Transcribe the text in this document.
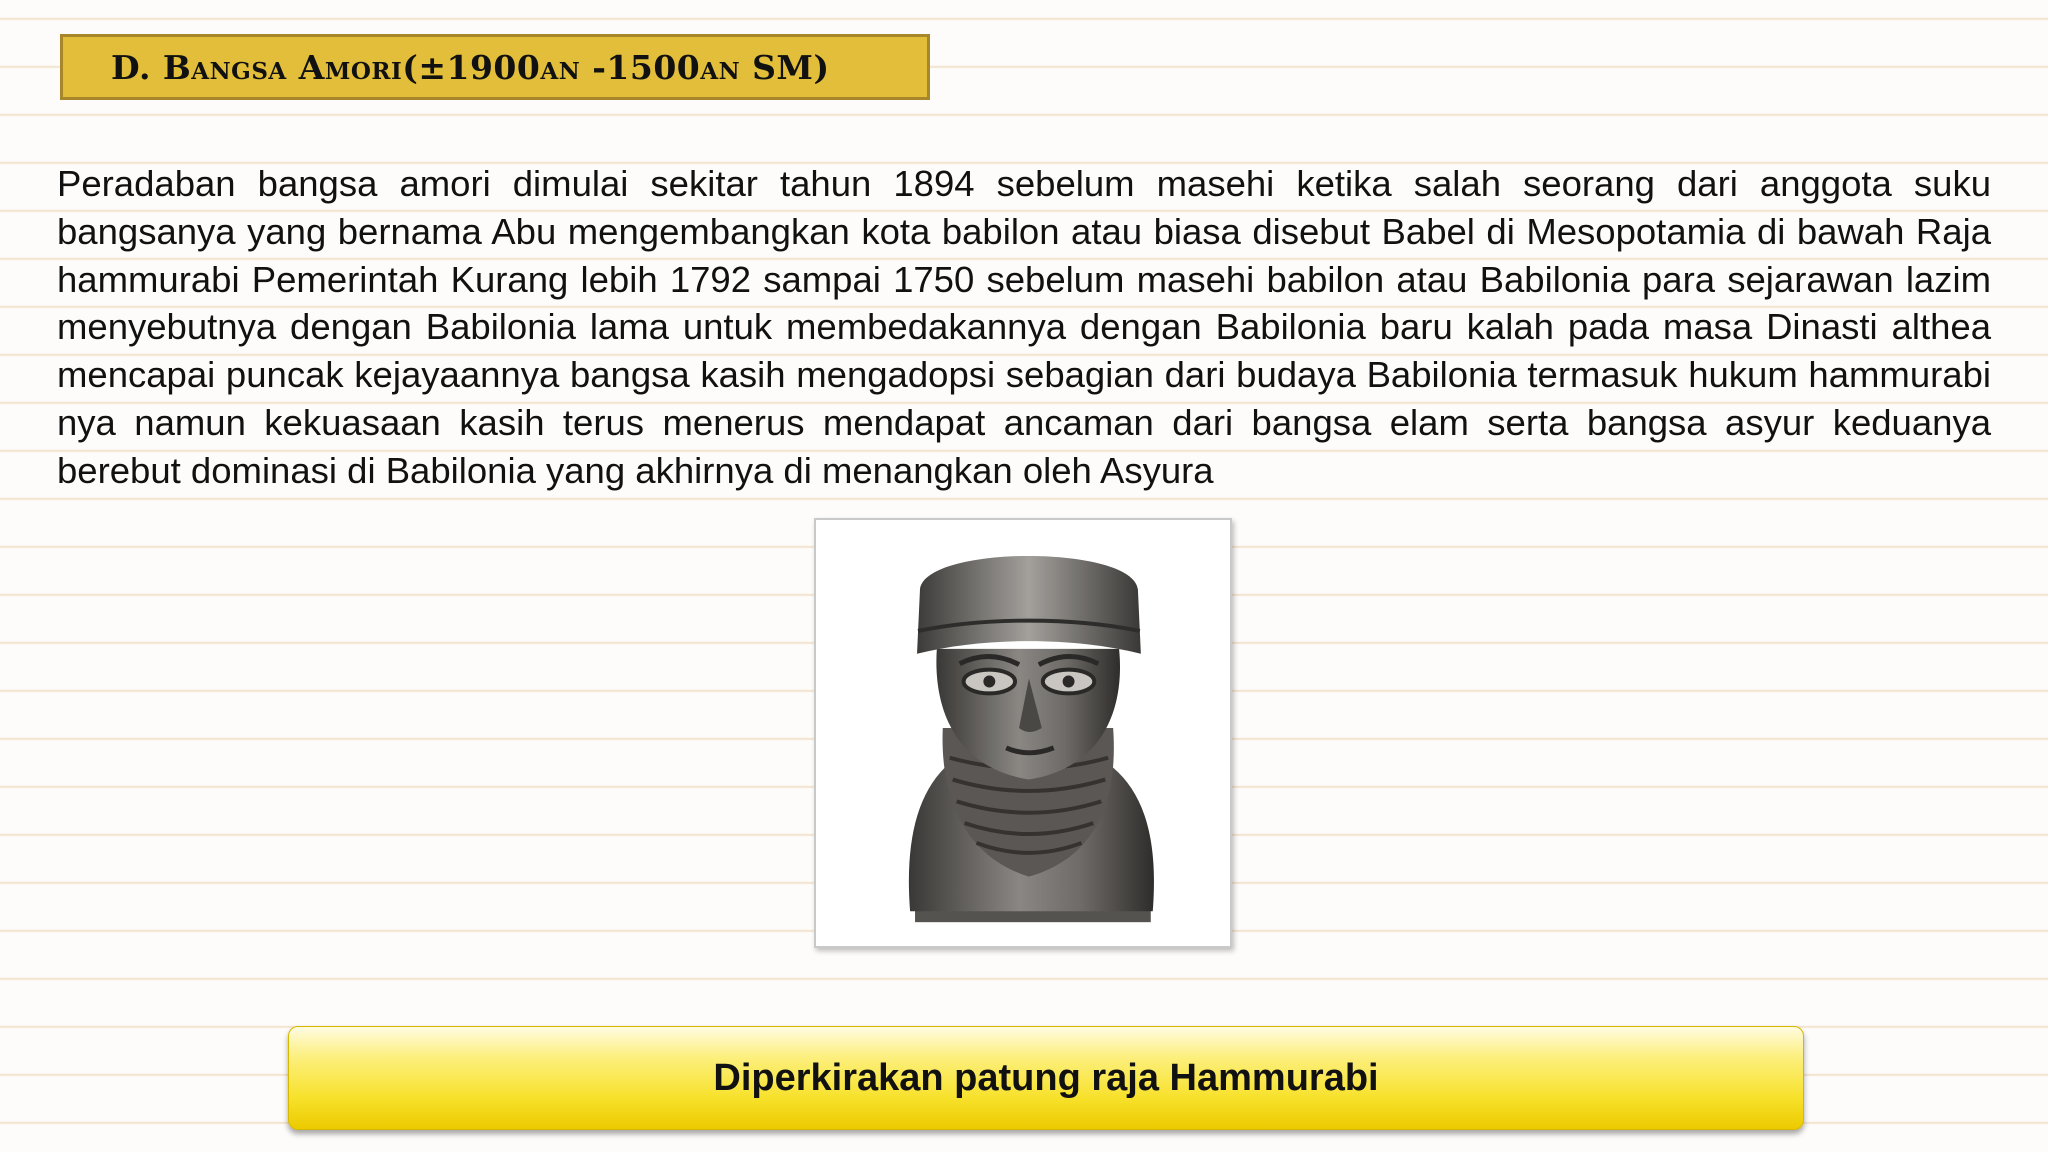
D. Bangsa Amori(±1900an -1500an SM)

Peradaban bangsa amori dimulai sekitar tahun 1894 sebelum masehi ketika salah seorang dari anggota suku bangsanya yang bernama Abu mengembangkan kota babilon atau biasa disebut Babel di Mesopotamia di bawah Raja hammurabi Pemerintah Kurang lebih 1792 sampai 1750 sebelum masehi babilon atau Babilonia para sejarawan lazim menyebutnya dengan Babilonia lama untuk membedakannya dengan Babilonia baru kalah pada masa Dinasti althea mencapai puncak kejayaannya bangsa kasih mengadopsi sebagian dari budaya Babilonia termasuk hukum hammurabi nya namun kekuasaan kasih terus menerus mendapat ancaman dari bangsa elam serta bangsa asyur keduanya berebut dominasi di Babilonia yang akhirnya di menangkan oleh Asyura

Diperkirakan patung raja Hammurabi
